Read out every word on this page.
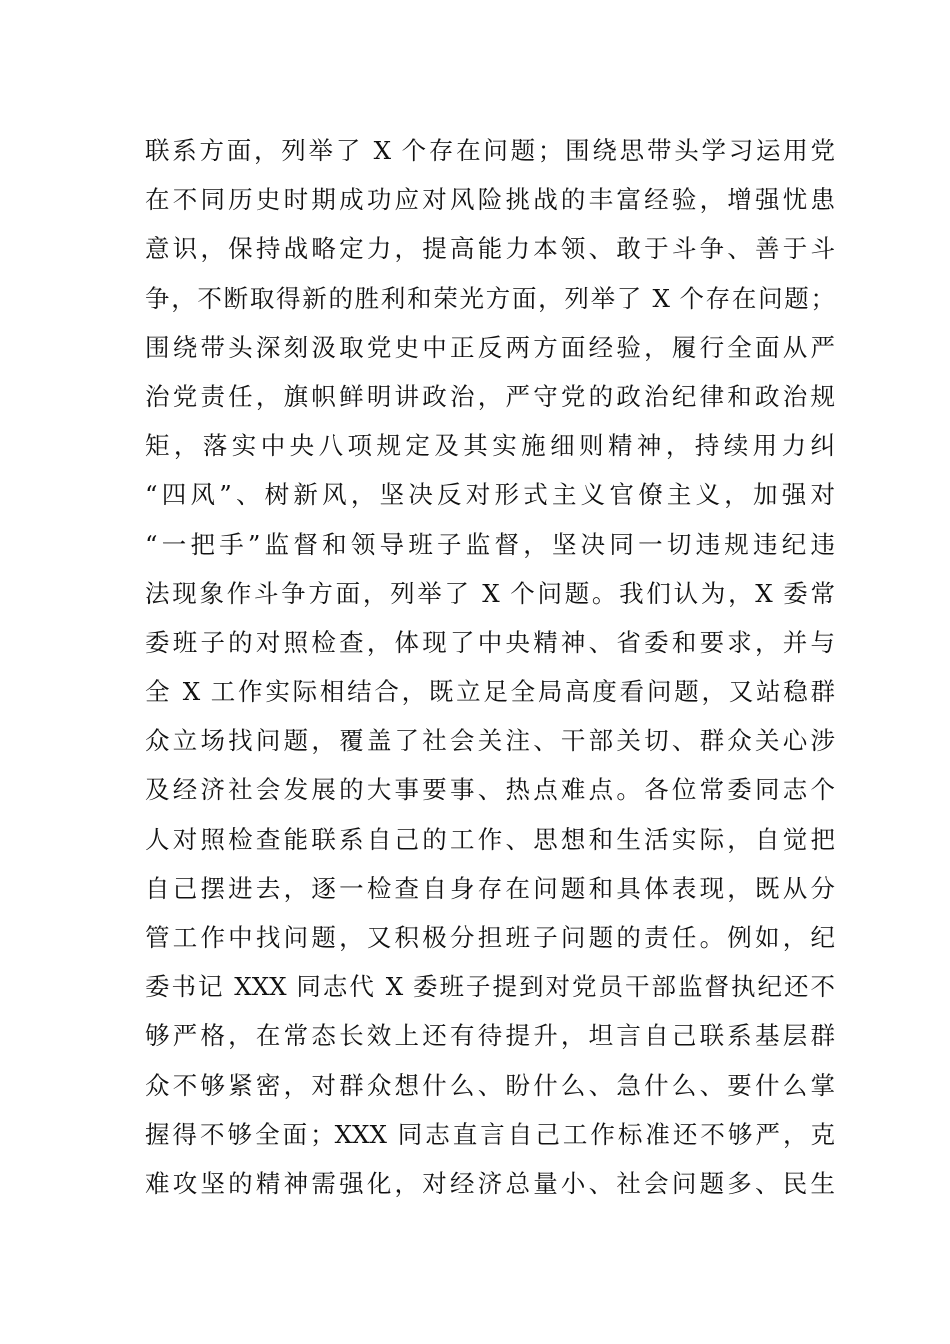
联系方面，列举了 X 个存在问题；围绕思带头学习运用党
在不同历史时期成功应对风险挑战的丰富经验，增强忧患
意识，保持战略定力，提高能力本领、敢于斗争、善于斗
争，不断取得新的胜利和荣光方面，列举了 X 个存在问题；
围绕带头深刻汲取党史中正反两方面经验，履行全面从严
治党责任，旗帜鲜明讲政治，严守党的政治纪律和政治规
矩，落实中央八项规定及其实施细则精神，持续用力纠
“四风”、树新风，坚决反对形式主义官僚主义，加强对
“一把手”监督和领导班子监督，坚决同一切违规违纪违
法现象作斗争方面，列举了 X 个问题。我们认为，X 委常
委班子的对照检查，体现了中央精神、省委和要求，并与
全 X 工作实际相结合，既立足全局高度看问题，又站稳群
众立场找问题，覆盖了社会关注、干部关切、群众关心涉
及经济社会发展的大事要事、热点难点。各位常委同志个
人对照检查能联系自己的工作、思想和生活实际，自觉把
自己摆进去，逐一检查自身存在问题和具体表现，既从分
管工作中找问题，又积极分担班子问题的责任。例如，纪
委书记 XXX 同志代 X 委班子提到对党员干部监督执纪还不
够严格，在常态长效上还有待提升，坦言自己联系基层群
众不够紧密，对群众想什么、盼什么、急什么、要什么掌
握得不够全面；XXX 同志直言自己工作标准还不够严，克
难攻坚的精神需强化，对经济总量小、社会问题多、民生
